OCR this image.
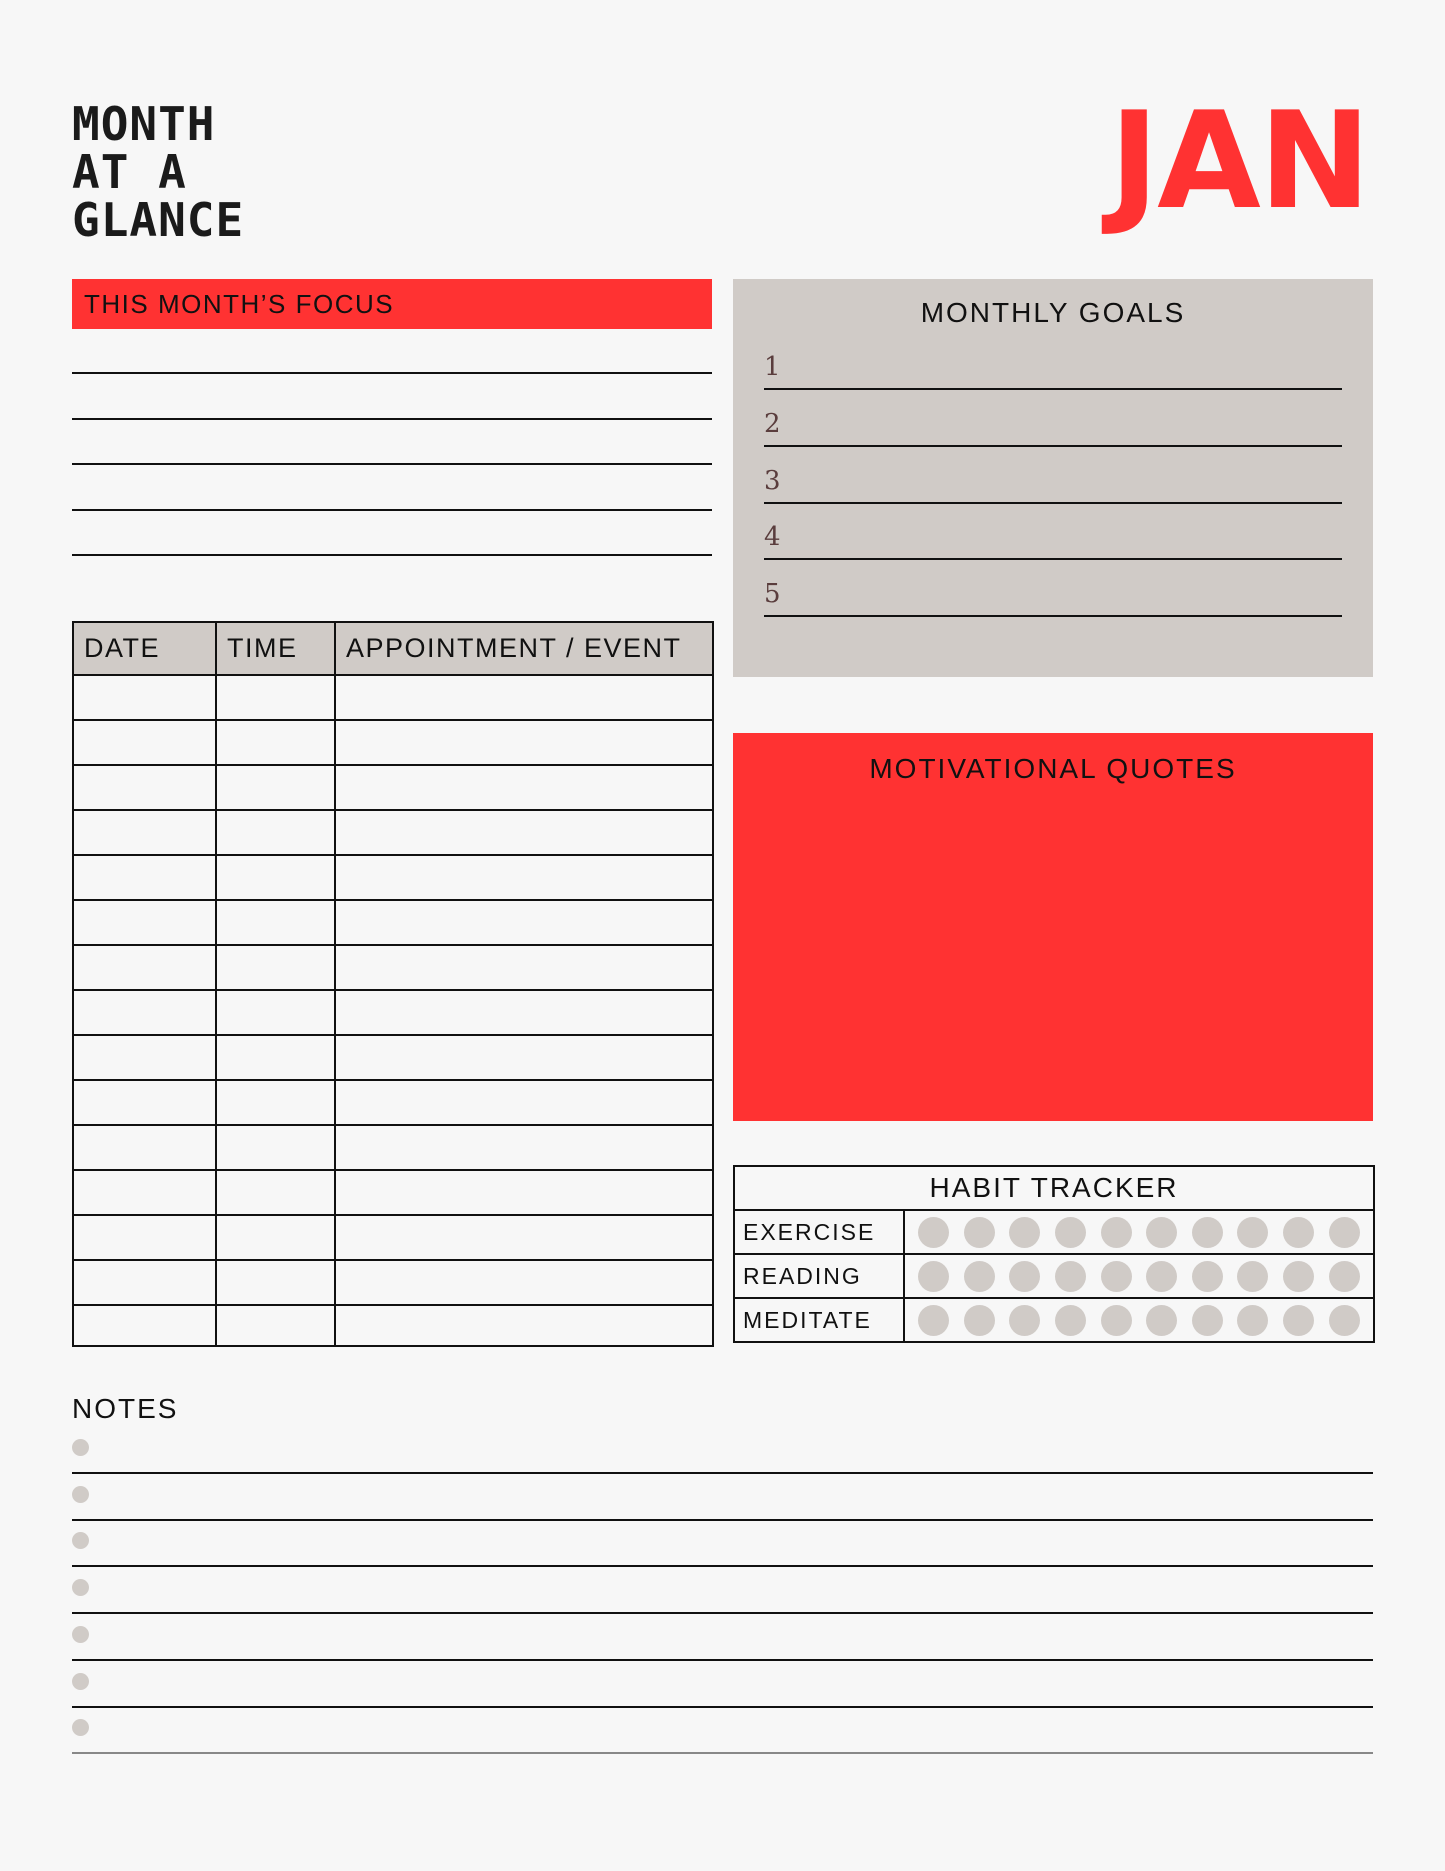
MONTH
AT A
GLANCE	JAN
THIS MONTH’S FOCUS
DATE	TIME	APPOINTMENT / EVENT

MONTHLY GOALS
1
2
3
4
5
MOTIVATIONAL QUOTES
HABIT TRACKER	
EXERCISE	

READING	

MEDITATE	
NOTES
